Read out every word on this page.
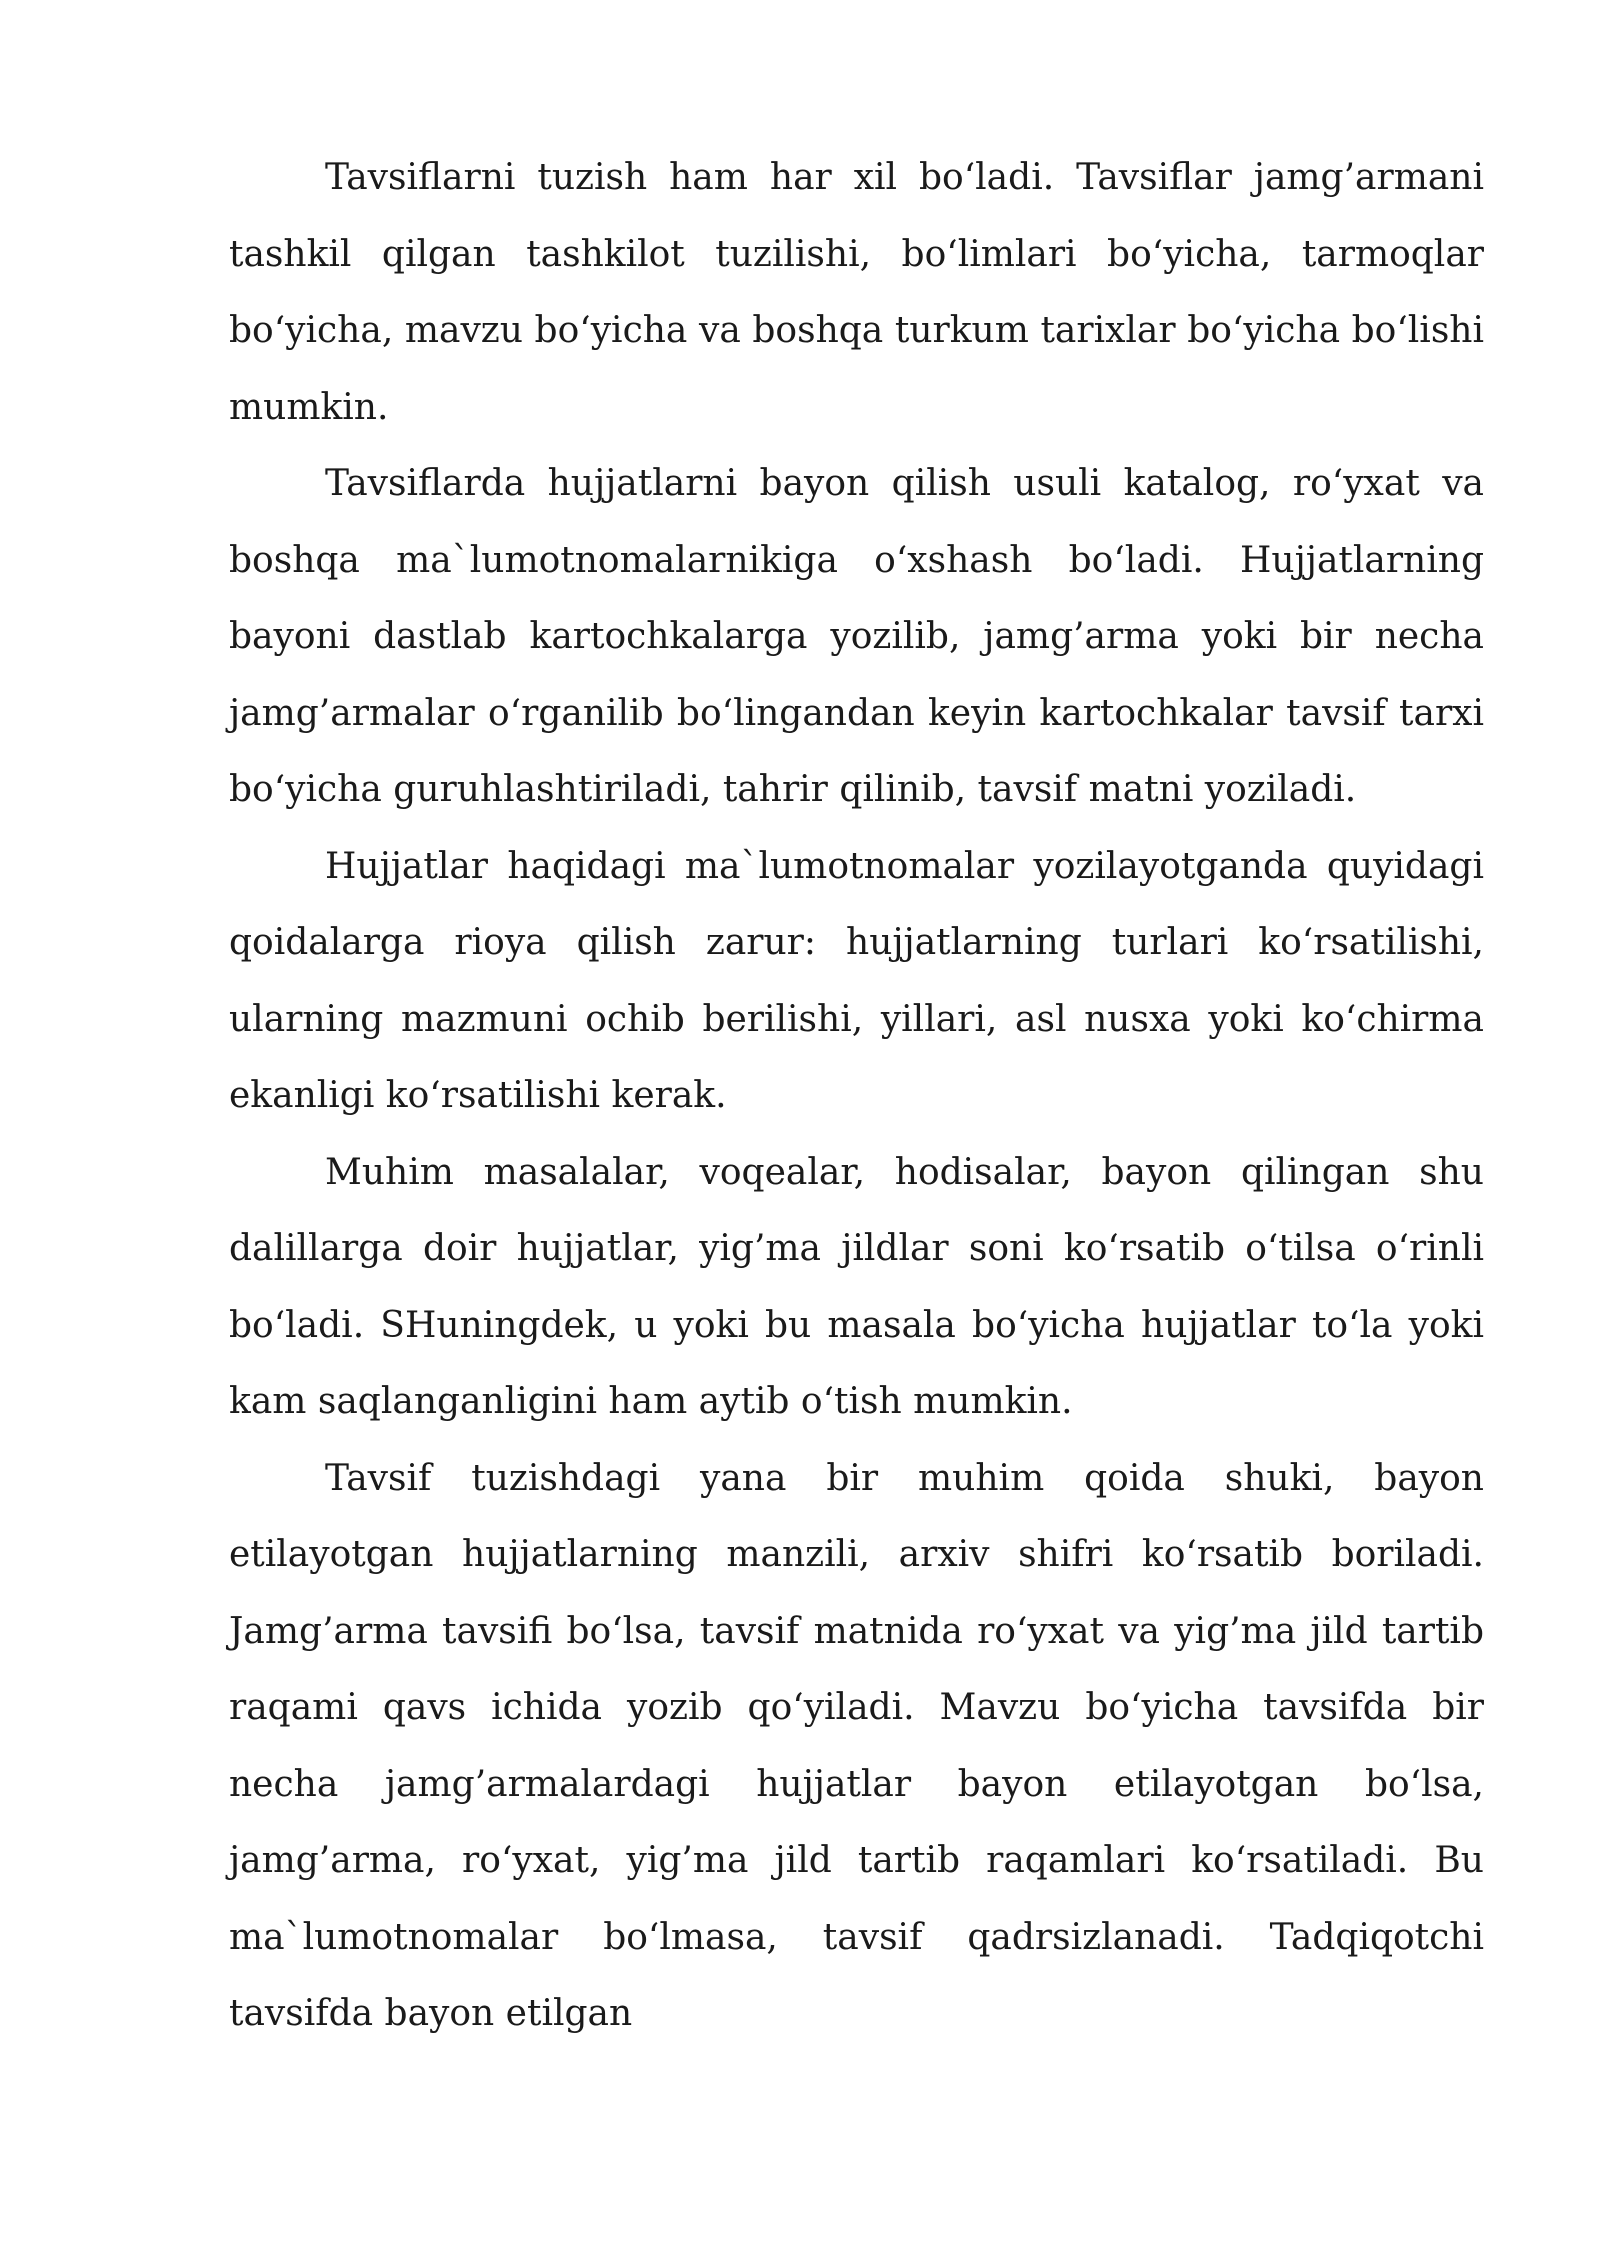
Tavsiflarni tuzish ham har xil bo‘ladi. Tavsiflar jamg’armani tashkil qilgan tashkilot tuzilishi, bo‘limlari bo‘yicha, tarmoqlar bo‘yicha, mavzu bo‘yicha va boshqa turkum tarixlar bo‘yicha bo‘lishi mumkin.

Tavsiflarda hujjatlarni bayon qilish usuli katalog, ro‘yxat va boshqa ma`lumotnomalarnikiga o‘xshash bo‘ladi. Hujjatlarning bayoni dastlab kartochkalarga yozilib, jamg’arma yoki bir necha jamg’armalar o‘rganilib bo‘lingandan keyin kartochkalar tavsif tarxi bo‘yicha guruhlashtiriladi, tahrir qilinib, tavsif matni yoziladi.

Hujjatlar haqidagi ma`lumotnomalar yozilayotganda quyidagi qoidalarga rioya qilish zarur: hujjatlarning turlari ko‘rsatilishi, ularning mazmuni ochib berilishi, yillari, asl nusxa yoki ko‘chirma ekanligi ko‘rsatilishi kerak.

Muhim masalalar, voqealar, hodisalar, bayon qilingan shu dalillarga doir hujjatlar, yig’ma jildlar soni ko‘rsatib o‘tilsa o‘rinli bo‘ladi. SHuningdek, u yoki bu masala bo‘yicha hujjatlar to‘la yoki kam saqlanganligini ham aytib o‘tish mumkin.

Tavsif tuzishdagi yana bir muhim qoida shuki, bayon etilayotgan hujjatlarning manzili, arxiv shifri ko‘rsatib boriladi. Jamg’arma tavsifi bo‘lsa, tavsif matnida ro‘yxat va yig’ma jild tartib raqami qavs ichida yozib qo‘yiladi. Mavzu bo‘yicha tavsifda bir necha jamg’armalardagi hujjatlar bayon etilayotgan bo‘lsa, jamg’arma, ro‘yxat, yig’ma jild tartib raqamlari ko‘rsatiladi. Bu ma`lumotnomalar bo‘lmasa, tavsif qadrsizlanadi. Tadqiqotchi tavsifda bayon etilgan
